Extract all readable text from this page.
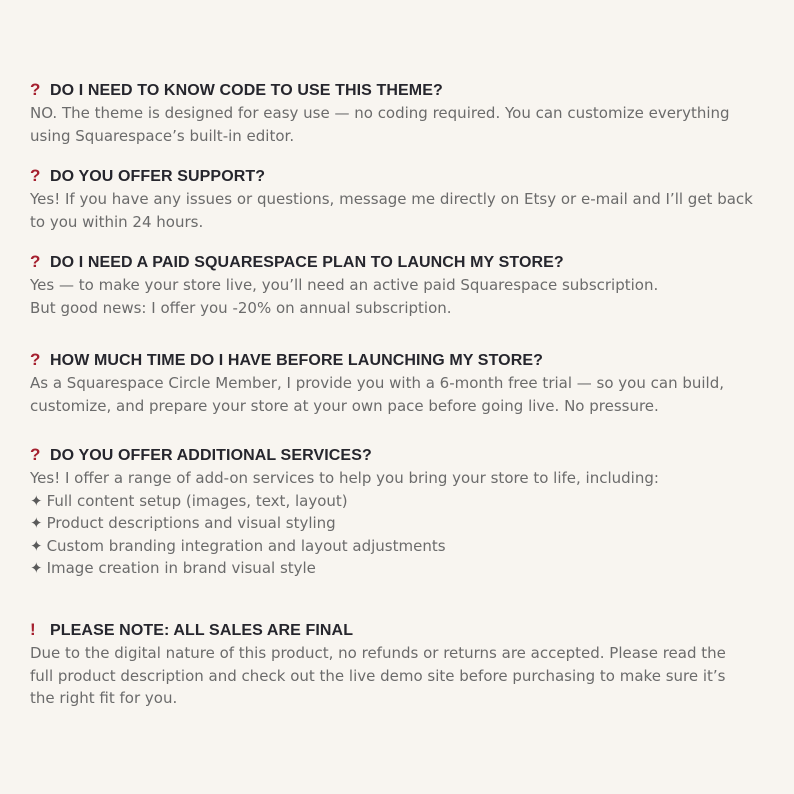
? DO I NEED TO KNOW CODE TO USE THIS THEME?
NO. The theme is designed for easy use — no coding required. You can customize everything
using Squarespace’s built-in editor.
? DO YOU OFFER SUPPORT?
Yes! If you have any issues or questions, message me directly on Etsy or e-mail and I’ll get back
to you within 24 hours.
? DO I NEED A PAID SQUARESPACE PLAN TO LAUNCH MY STORE?
Yes — to make your store live, you’ll need an active paid Squarespace subscription.
But good news: I offer you -20% on annual subscription.
? HOW MUCH TIME DO I HAVE BEFORE LAUNCHING MY STORE?
As a Squarespace Circle Member, I provide you with a 6-month free trial — so you can build,
customize, and prepare your store at your own pace before going live. No pressure.
? DO YOU OFFER ADDITIONAL SERVICES?
Yes! I offer a range of add-on services to help you bring your store to life, including:
✦ Full content setup (images, text, layout)
✦ Product descriptions and visual styling
✦ Custom branding integration and layout adjustments
✦ Image creation in brand visual style
! PLEASE NOTE: ALL SALES ARE FINAL
Due to the digital nature of this product, no refunds or returns are accepted. Please read the
full product description and check out the live demo site before purchasing to make sure it’s
the right fit for you.
